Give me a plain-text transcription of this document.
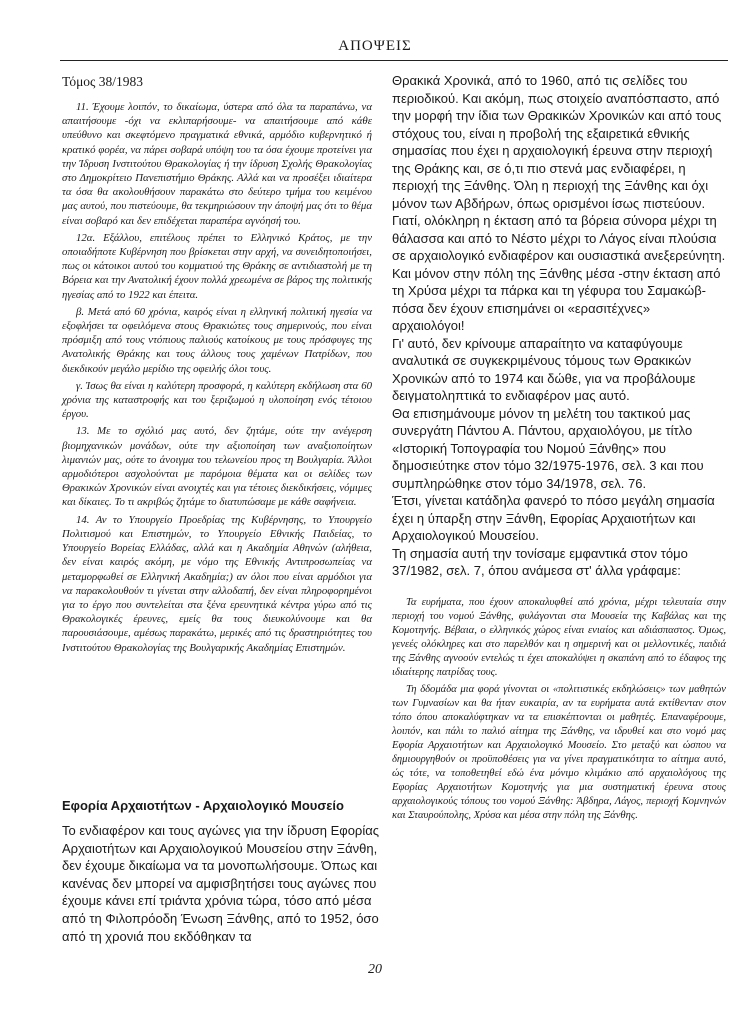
ΑΠΟΨΕΙΣ
Τόμος 38/1983

11. Έχουμε λοιπόν, το δικαίωμα, ύστερα από όλα τα παραπάνω, να απαιτήσουμε -όχι να εκλιπαρήσουμε- να απαιτήσουμε από κάθε υπεύθυνο και σκεφτόμενο πραγματικά εθνικά, αρμόδιο κυβερνητικό ή κρατικό φορέα, να πάρει σοβαρά υπόψη του τα όσα έχουμε προτείνει για την Ίδρυση Ινστιτούτου Θρακολογίας ή την ίδρυση Σχολής Θρακολογίας στο Δημοκρίτειο Πανεπιστήμιο Θράκης. Αλλά και να προσέξει ιδιαίτερα τα όσα θα ακολουθήσουν παρακάτω στο δεύτερο τμήμα του κειμένου μας αυτού, που πιστεύουμε, θα τεκμηριώσουν την άποψή μας ότι το θέμα είναι σοβαρό και δεν επιδέχεται παραπέρα αγνόησή του.

12α. Εξάλλου, επιτέλους πρέπει το Ελληνικό Κράτος, με την οποιαδήποτε Κυβέρνηση που βρίσκεται στην αρχή, να συνειδητοποιήσει, πως οι κάτοικοι αυτού του κομματιού της Θράκης σε αντιδιαστολή με τη Βόρεια και την Ανατολική έχουν πολλά χρεωμένα σε βάρος της πολιτικής ηγεσίας από το 1922 και έπειτα.

β. Μετά από 60 χρόνια, καιρός είναι η ελληνική πολιτική ηγεσία να εξοφλήσει τα οφειλόμενα στους Θρακιώτες τους σημερινούς, που είναι πρόσμιξη από τους ντόπιους παλιούς κατοίκους με τους πρόσφυγες της Ανατολικής Θράκης και τους άλλους τους χαμένων Πατρίδων, που διεκδικούν μεγάλο μερίδιο της οφειλής όλοι τους.

γ. Ίσως θα είναι η καλύτερη προσφορά, η καλύτερη εκδήλωση στα 60 χρόνια της καταστροφής και του ξεριζωμού η υλοποίηση ενός τέτοιου έργου.

13. Με το σχόλιό μας αυτό, δεν ζητάμε, ούτε την ανέγερση βιομηχανικών μονάδων, ούτε την αξιοποίηση των αναξιοποίητων λιμανιών μας, ούτε το άνοιγμα του τελωνείου προς τη Βουλγαρία. Άλλοι αρμοδιότεροι ασχολούνται με παρόμοια θέματα και οι σελίδες των Θρακικών Χρονικών είναι ανοιχτές και για τέτοιες διεκδικήσεις, νόμιμες και δίκαιες. Το τι ακριβώς ζητάμε το διατυπώσαμε με κάθε σαφήνεια.

14. Αν το Υπουργείο Προεδρίας της Κυβέρνησης, το Υπουργείο Πολιτισμού και Επιστημών, το Υπουργείο Εθνικής Παιδείας, το Υπουργείο Βορείας Ελλάδας, αλλά και η Ακαδημία Αθηνών (αλήθεια, δεν είναι καιρός ακόμη, με νόμο της Εθνικής Αντιπροσωπείας να μεταμορφωθεί σε Ελληνική Ακαδημία;) αν όλοι που είναι αρμόδιοι για να παρακολουθούν τι γίνεται στην αλλοδαπή, δεν είναι πληροφορημένοι για το έργο που συντελείται στα ξένα ερευνητικά κέντρα γύρω από τις Θρακολογικές έρευνες, εμείς θα τους διευκολύνουμε και θα παρουσιάσουμε, αμέσως παρακάτω, μερικές από τις δραστηριότητες του Ινστιτούτου Θρακολογίας της Βουλγαρικής Ακαδημίας Επιστημών.

Εφορία Αρχαιοτήτων - Αρχαιολογικό Μουσείο

Το ενδιαφέρον και τους αγώνες για την ίδρυση Εφορίας Αρχαιοτήτων και Αρχαιολογικού Μουσείου στην Ξάνθη, δεν έχουμε δικαίωμα να τα μονοπωλήσουμε. Όπως και κανένας δεν μπορεί να αμφισβητήσει τους αγώνες που έχουμε κάνει επί τριάντα χρόνια τώρα, τόσο από μέσα από τη Φιλοπρόοδη Ένωση Ξάνθης, από το 1952, όσο από τη χρονιά που εκδόθηκαν τα

Θρακικά Χρονικά, από το 1960, από τις σελίδες του περιοδικού. Και ακόμη, πως στοιχείο αναπόσπαστο, από την μορφή την ίδια των Θρακικών Χρονικών και από τους στόχους του, είναι η προβολή της εξαιρετικά εθνικής σημασίας που έχει η αρχαιολογική έρευνα στην περιοχή της Θράκης και, σε ό,τι πιο στενά μας ενδιαφέρει, η περιοχή της Ξάνθης. Όλη η περιοχή της Ξάνθης και όχι μόνον των Αβδήρων, όπως ορισμένοι ίσως πιστεύουν. Γιατί, ολόκληρη η έκταση από τα βόρεια σύνορα μέχρι τη θάλασσα και από το Νέστο μέχρι το Λάγος είναι πλούσια σε αρχαιολογικό ενδιαφέρον και ουσιαστικά ανεξερεύνητη. Και μόνον στην πόλη της Ξάνθης μέσα -στην έκταση από τη Χρύσα μέχρι τα πάρκα και τη γέφυρα του Σαμακώβ- πόσα δεν έχουν επισημάνει οι «ερασιτέχνες» αρχαιολόγοι!

Γι' αυτό, δεν κρίνουμε απαραίτητο να καταφύγουμε αναλυτικά σε συγκεκριμένους τόμους των Θρακικών Χρονικών από το 1974 και δώθε, για να προβάλουμε δειγματοληπτικά το ενδιαφέρον μας αυτό.

Θα επισημάνουμε μόνον τη μελέτη του τακτικού μας συνεργάτη Πάντου Α. Πάντου, αρχαιολόγου, με τίτλο «Ιστορική Τοπογραφία του Νομού Ξάνθης» που δημοσιεύτηκε στον τόμο 32/1975-1976, σελ. 3 και που συμπληρώθηκε στον τόμο 34/1978, σελ. 76.

Έτσι, γίνεται κατάδηλα φανερό το πόσο μεγάλη σημασία έχει η ύπαρξη στην Ξάνθη, Εφορίας Αρχαιοτήτων και Αρχαιολογικού Μουσείου.

Τη σημασία αυτή την τονίσαμε εμφαντικά στον τόμο 37/1982, σελ. 7, όπου ανάμεσα στ' άλλα γράφαμε:

Τα ευρήματα, που έχουν αποκαλυφθεί από χρόνια, μέχρι τελευταία στην περιοχή του νομού Ξάνθης, φυλάγονται στα Μουσεία της Καβάλας και της Κομοτηνής. Βέβαια, ο ελληνικός χώρος είναι ενιαίος και αδιάσπαστος. Όμως, γενεές ολόκληρες και στο παρελθόν και η σημερινή και οι μελλοντικές, παιδιά της Ξάνθης αγνοούν εντελώς τι έχει αποκαλύψει η σκαπάνη από το έδαφος της ιδιαίτερης πατρίδας τους.

Τη δδομάδα μια φορά γίνονται οι «πολιτιστικές εκδηλώσεις» των μαθητών των Γυμνασίων και θα ήταν ευκαιρία, αν τα ευρήματα αυτά εκτίθενταν στον τόπο όπου αποκαλύφτηκαν να τα επισκέπτονται οι μαθητές. Επαναφέρουμε, λοιπόν, και πάλι το παλιό αίτημα της Ξάνθης, να ιδρυθεί και στο νομό μας Εφορία Αρχαιοτήτων και Αρχαιολογικό Μουσείο. Στο μεταξύ και ώσπου να δημιουργηθούν οι προϋποθέσεις για να γίνει πραγματικότητα το αίτημα αυτό, ώς τότε, να τοποθετηθεί εδώ ένα μόνιμο κλιμάκιο από αρχαιολόγους της Εφορίας Αρχαιοτήτων Κομοτηνής για μια συστηματική έρευνα στους αρχαιολογικούς τόπους του νομού Ξάνθης: Άβδηρα, Λάγος, περιοχή Κομνηνών και Σταυρούπολης, Χρύσα και μέσα στην πόλη της Ξάνθης.

20
